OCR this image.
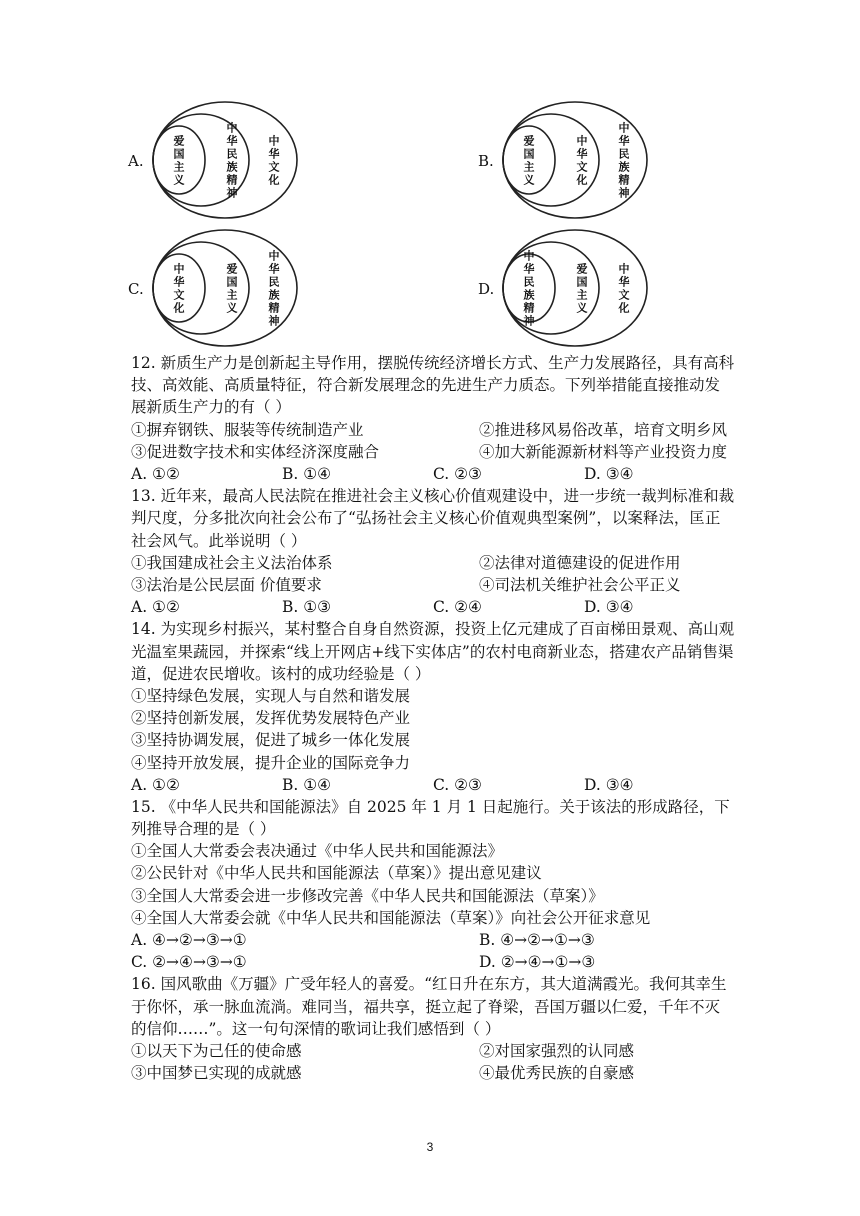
A.
爱国主义
中华民族精神
中华文化
B.
爱国主义
中华文化
中华民族精神
C.
中华文化
爱国主义
中华民族精神
D.
中华民族精神
爱国主义
中华文化
12. 新质生产力是创新起主导作用，摆脱传统经济增长方式、生产力发展路径，具有高科技、高效能、高质量特征，符合新发展理念的先进生产力质态。下列举措能直接推动发展新质生产力的有（ ）
①摒弃钢铁、服装等传统制造产业	②推进移风易俗改革，培育文明乡风
③促进数字技术和实体经济深度融合	④加大新能源新材料等产业投资力度
A. ①②	B. ①④	C. ②③	D. ③④
13. 近年来，最高人民法院在推进社会主义核心价值观建设中，进一步统一裁判标准和裁判尺度，分多批次向社会公布了“弘扬社会主义核心价值观典型案例”，以案释法，匡正社会风气。此举说明（ ）
①我国建成社会主义法治体系	②法律对道德建设的促进作用
③法治是公民层面 价值要求	④司法机关维护社会公平正义
A. ①②	B. ①③	C. ②④	D. ③④
14. 为实现乡村振兴，某村整合自身自然资源，投资上亿元建成了百亩梯田景观、高山观光温室果蔬园，并探索“线上开网店+线下实体店”的农村电商新业态，搭建农产品销售渠道，促进农民增收。该村的成功经验是（ ）
①坚持绿色发展，实现人与自然和谐发展
②坚持创新发展，发挥优势发展特色产业
③坚持协调发展，促进了城乡一体化发展
④坚持开放发展，提升企业的国际竞争力
A. ①②	B. ①④	C. ②③	D. ③④
15. 《中华人民共和国能源法》自 2025 年 1 月 1 日起施行。关于该法的形成路径，下列推导合理的是（ ）
①全国人大常委会表决通过《中华人民共和国能源法》
②公民针对《中华人民共和国能源法（草案）》提出意见建议
③全国人大常委会进一步修改完善《中华人民共和国能源法（草案）》
④全国人大常委会就《中华人民共和国能源法（草案）》向社会公开征求意见
A. ④→②→③→①	B. ④→②→①→③
C. ②→④→③→①	D. ②→④→①→③
16. 国风歌曲《万疆》广受年轻人的喜爱。“红日升在东方，其大道满霞光。我何其幸生于你怀，承一脉血流淌。难同当，福共享，挺立起了脊梁，吾国万疆以仁爱，千年不灭的信仰……”。这一句句深情的歌词让我们感悟到（ ）
①以天下为己任的使命感	②对国家强烈的认同感
③中国梦已实现的成就感	④最优秀民族的自豪感
3
